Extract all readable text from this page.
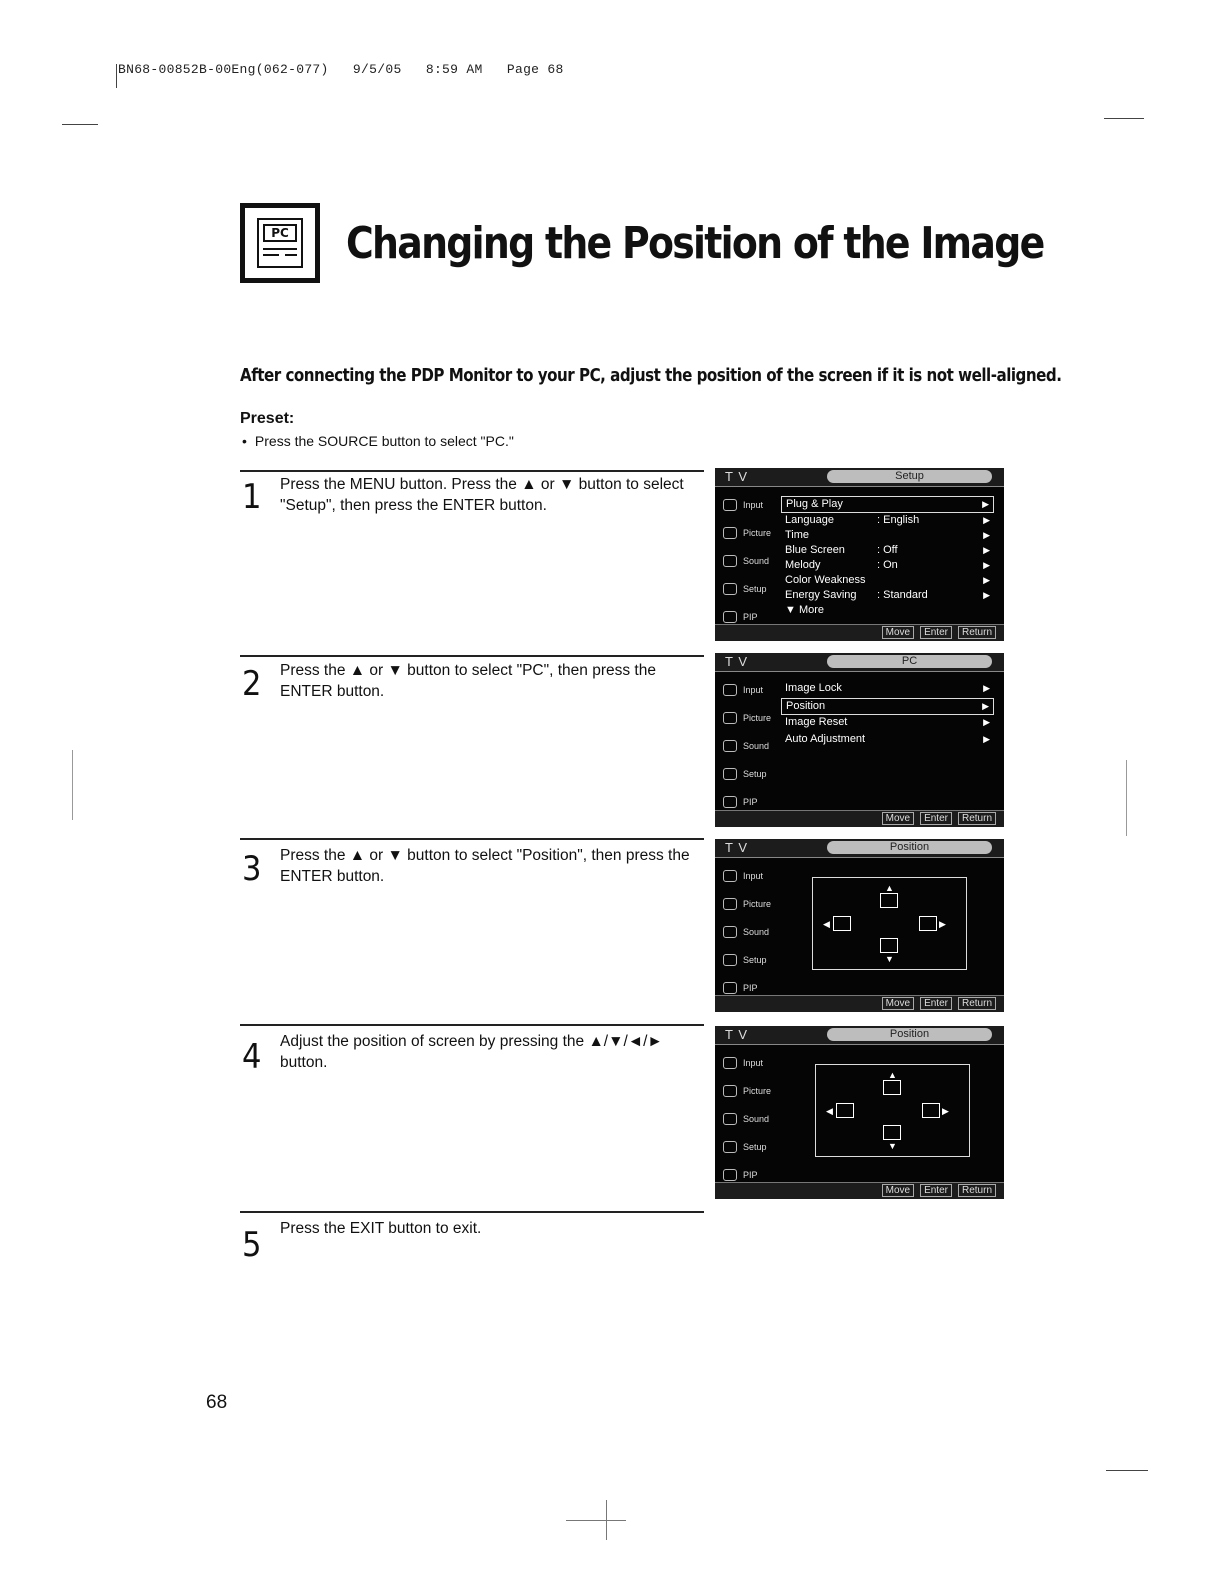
BN68-00852B-00Eng(062-077)   9/5/05   8:59 AM   Page 68
PC Changing the Position of the Image
After connecting the PDP Monitor to your PC, adjust the position of the screen if it is not well-aligned.
Preset:
• Press the SOURCE button to select "PC."
1 Press the MENU button. Press the ▲ or ▼ button to select "Setup", then press the ENTER button.
2 Press the ▲ or ▼ button to select "PC", then press the ENTER button.
3 Press the ▲ or ▼ button to select "Position", then press the ENTER button.
4 Adjust the position of screen by pressing the ▲/▼/◄/► button.
5 Press the EXIT button to exit.
T V	Setup
Input
Picture
Sound
Setup
PIP
Plug & Play	▶
Language	: English	▶
Time	▶
Blue Screen	: Off	▶
Melody	: On	▶
Color Weakness	▶
Energy Saving : Standard	▶
▼ More
Move Enter Return
T V	PC
Input
Picture
Sound
Setup
PIP
Image Lock	▶
Position	▶
Image Reset	▶
Auto Adjustment	▶
Move Enter Return
T V	Position
Input
Picture
Sound
Setup
PIP
▲
◀	▶
▼
Move Enter Return
T V	Position
Input
Picture
Sound
Setup
PIP
▲
◀	▶
▼
Move Enter Return
68
